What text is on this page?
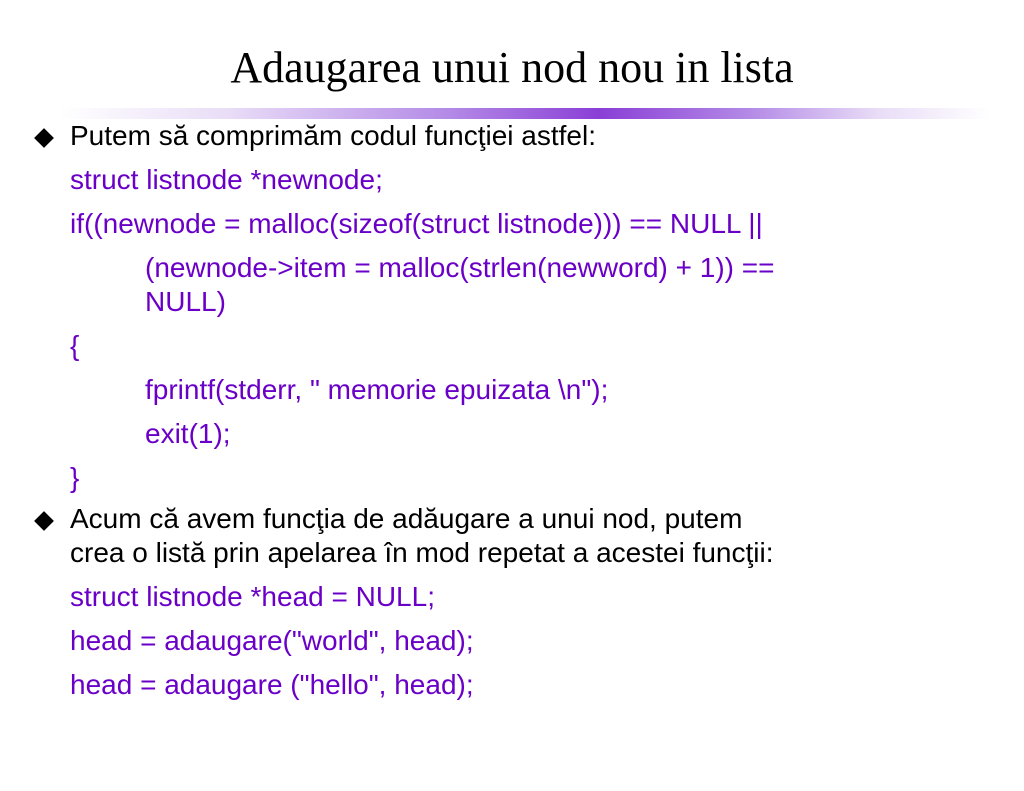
Adaugarea unui nod nou in lista
Putem să comprimăm codul funcţiei astfel:
struct listnode *newnode;
if((newnode = malloc(sizeof(struct listnode))) == NULL ||
(newnode->item = malloc(strlen(newword) + 1)) ==
NULL)
{
fprintf(stderr, " memorie epuizata \n");
exit(1);
}
Acum că avem funcţia de adăugare a unui nod, putem
crea o listă prin apelarea în mod repetat a acestei funcţii:
struct listnode *head = NULL;
head = adaugare("world", head);
head = adaugare ("hello", head);
